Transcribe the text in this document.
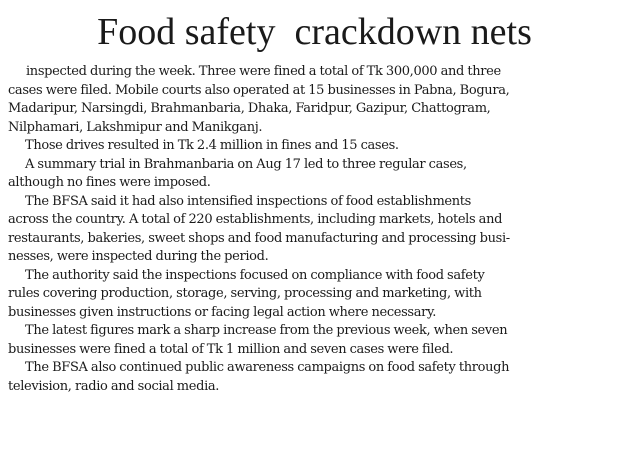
Food safety  crackdown nets
inspected during the week. Three were fined a total of Tk 300,000 and three
cases were filed. Mobile courts also operated at 15 businesses in Pabna, Bogura,
Madaripur, Narsingdi, Brahmanbaria, Dhaka, Faridpur, Gazipur, Chattogram,
Nilphamari, Lakshmipur and Manikganj.
Those drives resulted in Tk 2.4 million in fines and 15 cases.
A summary trial in Brahmanbaria on Aug 17 led to three regular cases,
although no fines were imposed.
The BFSA said it had also intensified inspections of food establishments
across the country. A total of 220 establishments, including markets, hotels and
restaurants, bakeries, sweet shops and food manufacturing and processing busi-
nesses, were inspected during the period.
The authority said the inspections focused on compliance with food safety
rules covering production, storage, serving, processing and marketing, with
businesses given instructions or facing legal action where necessary.
The latest figures mark a sharp increase from the previous week, when seven
businesses were fined a total of Tk 1 million and seven cases were filed.
The BFSA also continued public awareness campaigns on food safety through
television, radio and social media.
